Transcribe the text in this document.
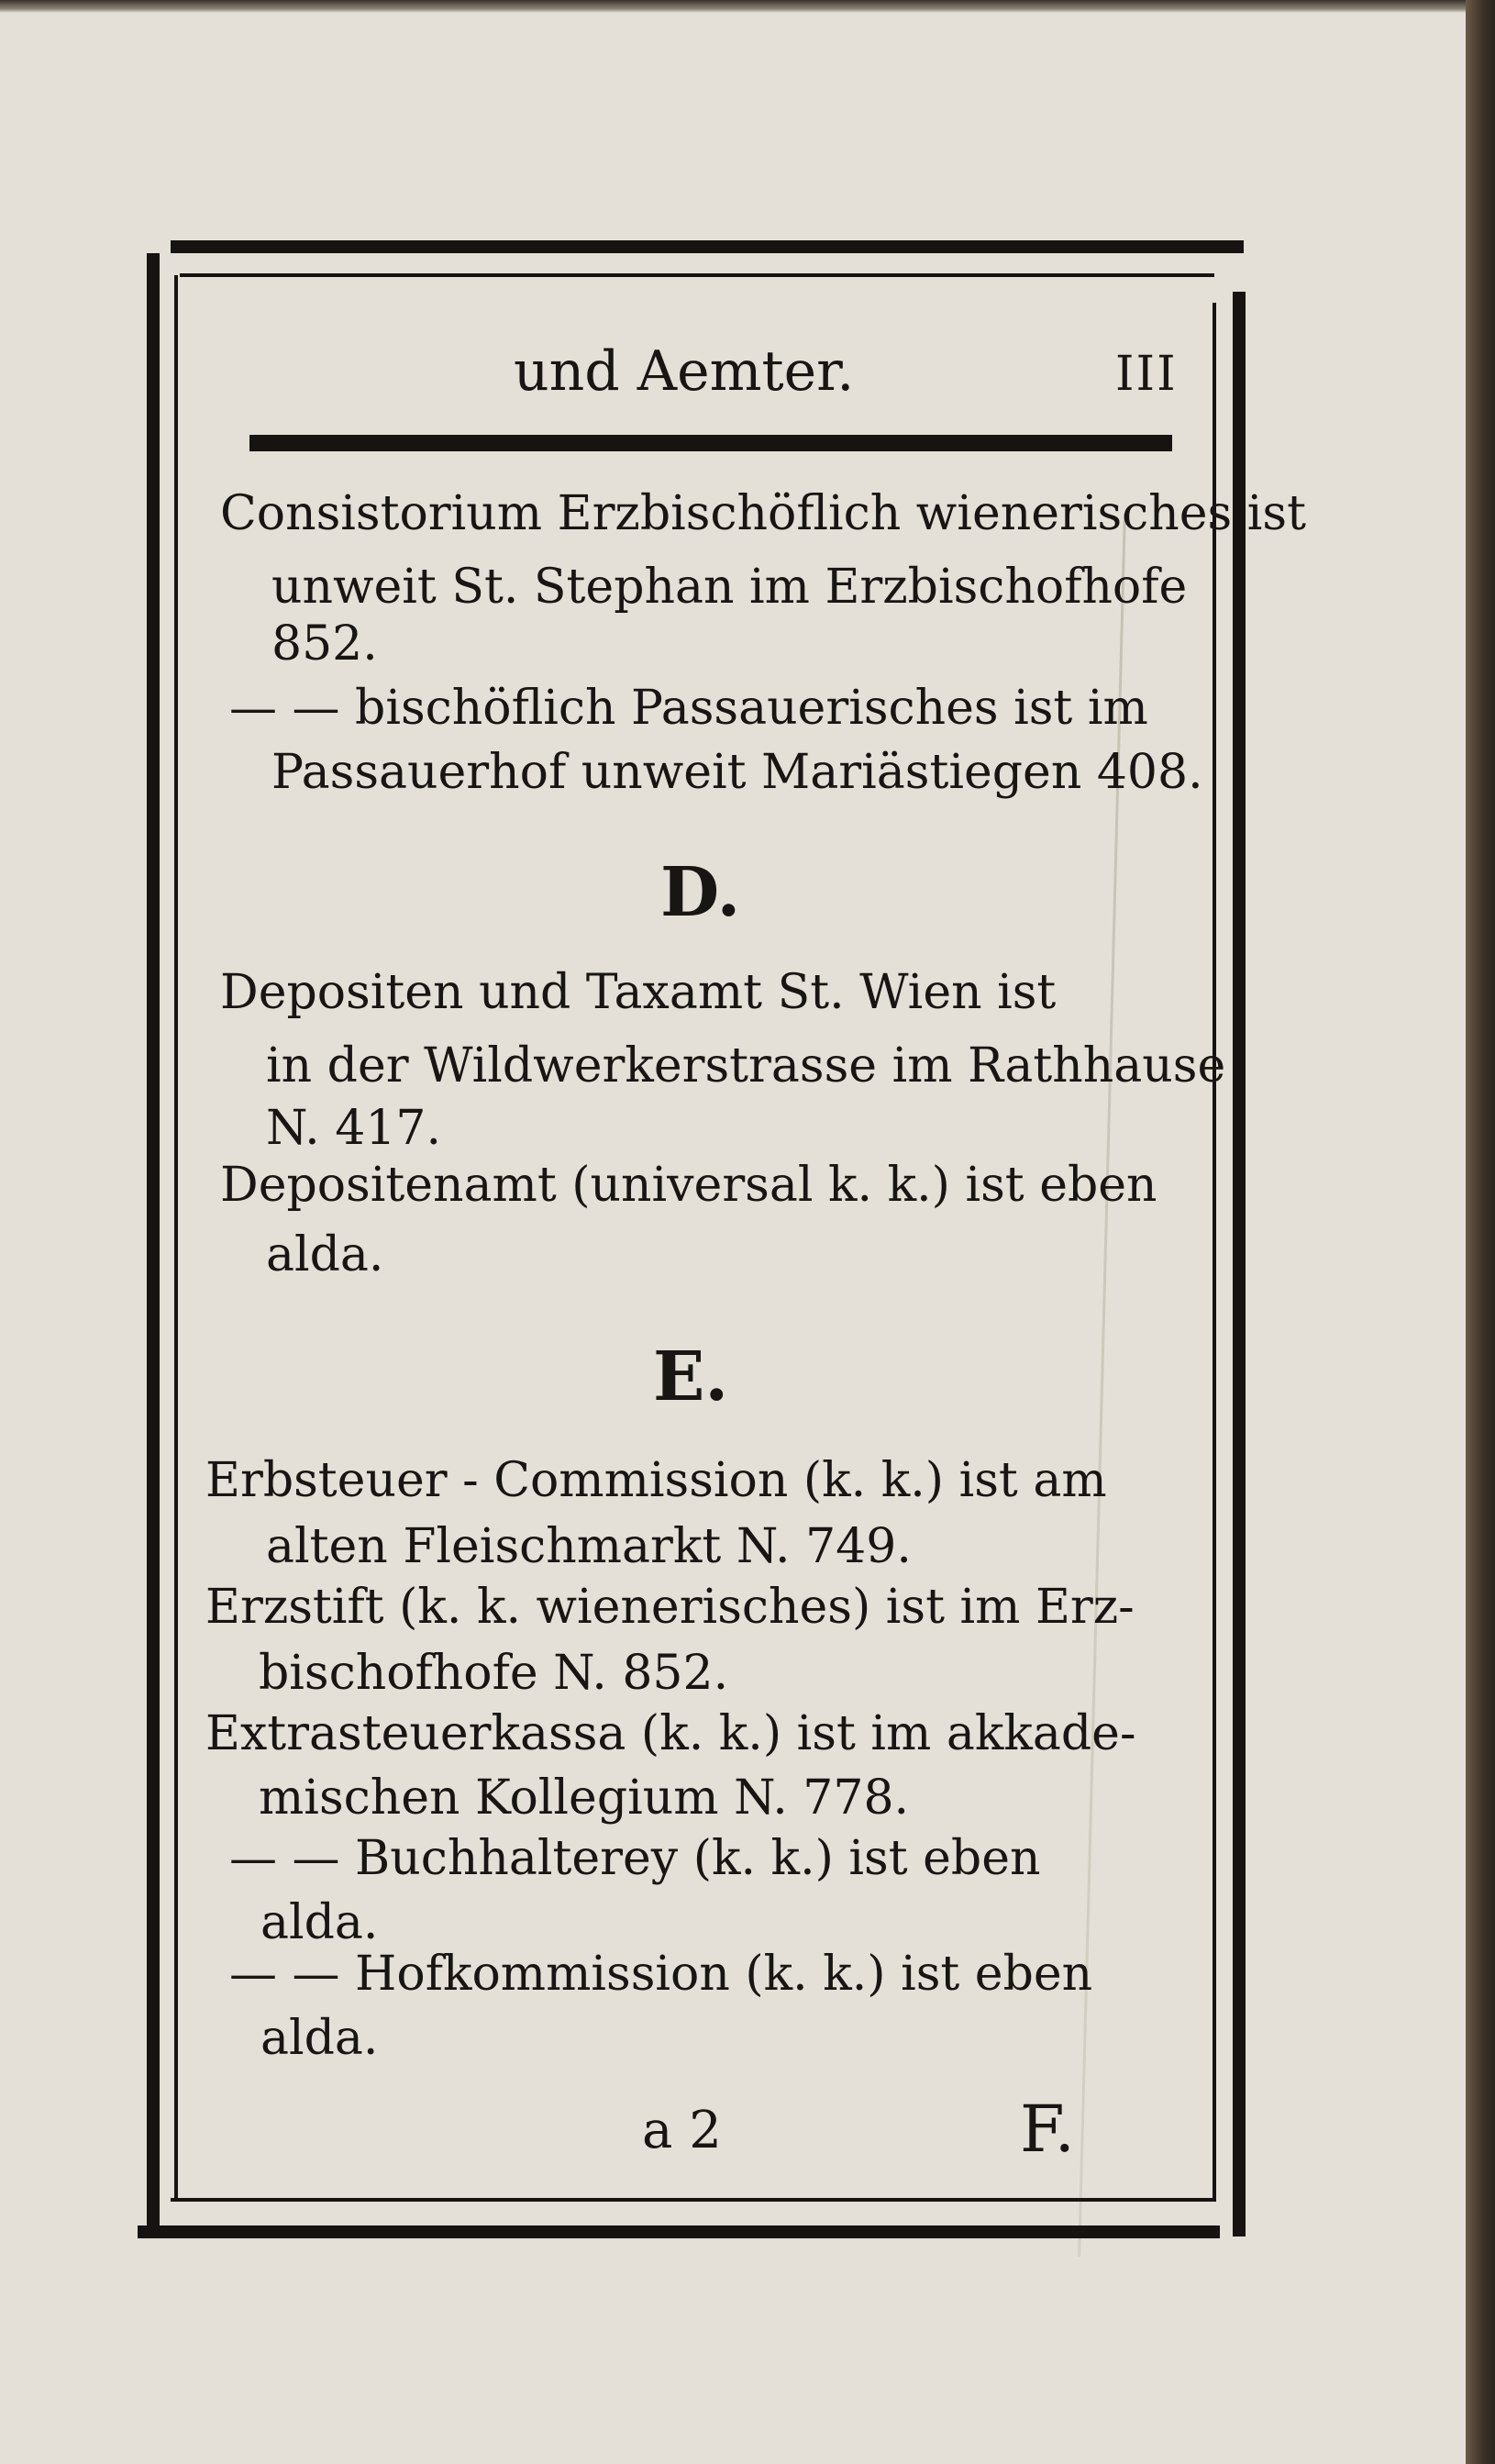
und Aemter.	III
Consistorium Erzbischöflich wienerisches ist
unweit St. Stephan im Erzbischofhofe
852.
— — bischöflich Passauerisches ist im
Passauerhof unweit Mariästiegen 408.
D.
Depositen und Taxamt St. Wien ist
in der Wildwerkerstrasse im Rathhause
N. 417.
Depositenamt (universal k. k.) ist eben
alda.
E.
Erbsteuer - Commission (k. k.) ist am
alten Fleischmarkt N. 749.
Erzstift (k. k. wienerisches) ist im Erz-
bischofhofe N. 852.
Extrasteuerkassa (k. k.) ist im akkade-
mischen Kollegium N. 778.
— — Buchhalterey (k. k.) ist eben
alda.
— — Hofkommission (k. k.) ist eben
alda.
a 2	F.
